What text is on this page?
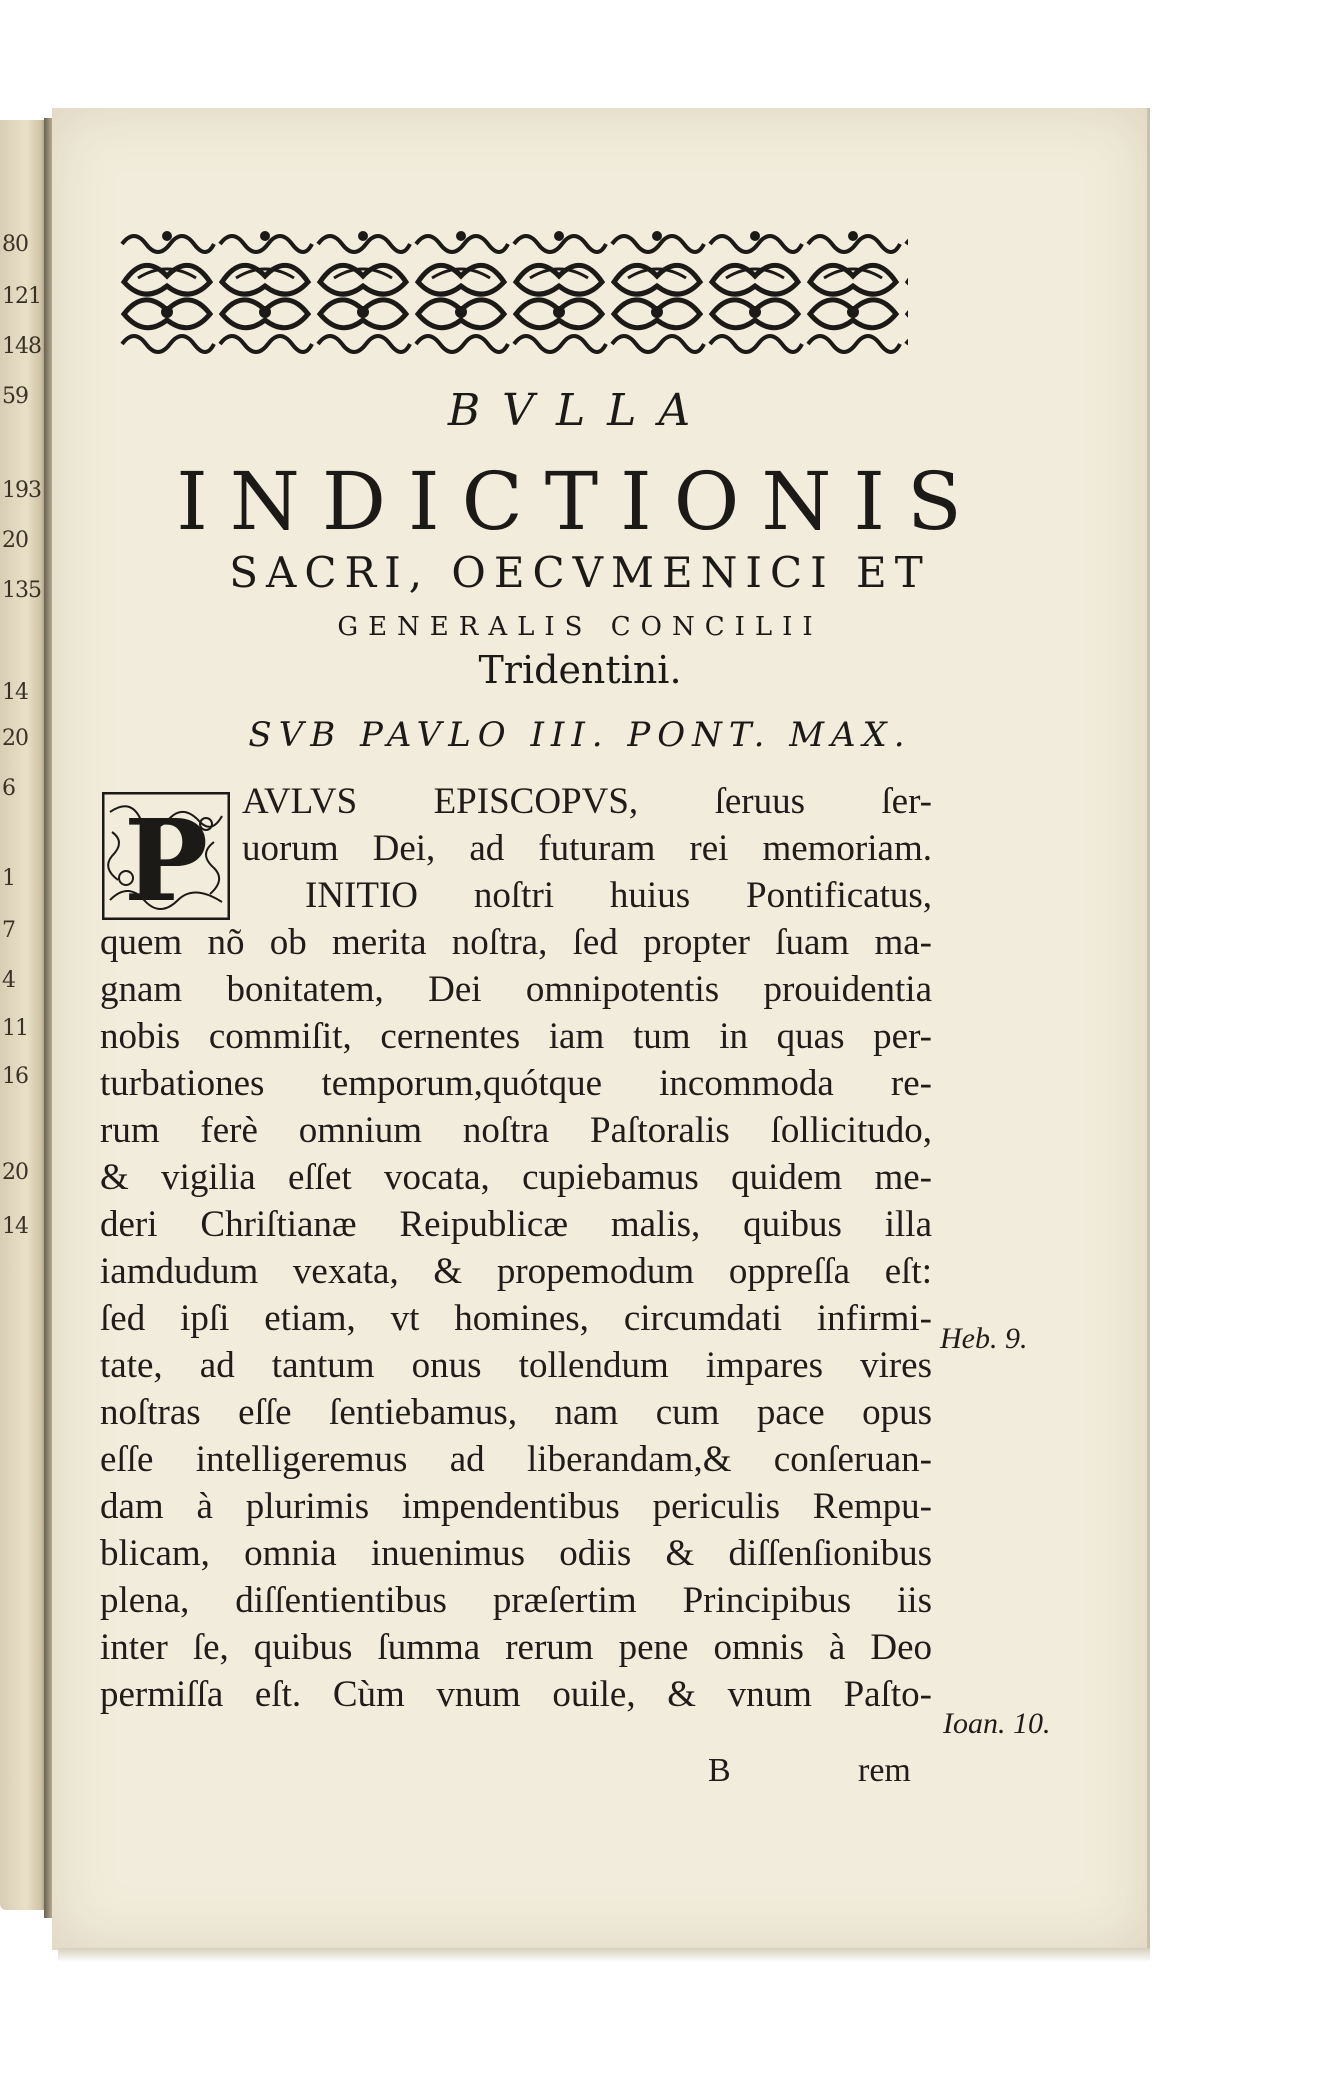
80
121
148
59
193
20
135
14
20
6
1
7
4
11
16
20
14
BVLLA
INDICTIONIS
SACRI, OECVMENICI ET
GENERALIS CONCILII
Tridentini.
SVB PAVLO III. PONT. MAX.
P AVLVS EPISCOPVS, ſeruus ſer-
uorum Dei, ad futuram rei memoriam.
INITIO noſtri huius Pontificatus,
quem nõ ob merita noſtra, ſed propter ſuam ma-
gnam bonitatem, Dei omnipotentis prouidentia
nobis commiſit, cernentes iam tum in quas per-
turbationes temporum,quótque incommoda re-
rum ferè omnium noſtra Paſtoralis ſollicitudo,
& vigilia eſſet vocata, cupiebamus quidem me-
deri Chriſtianæ Reipublicæ malis, quibus illa
iamdudum vexata, & propemodum oppreſſa eſt:
ſed ipſi etiam, vt homines, circumdati infirmi-
tate, ad tantum onus tollendum impares vires
noſtras eſſe ſentiebamus, nam cum pace opus
eſſe intelligeremus ad liberandam,& conſeruan-
dam à plurimis impendentibus periculis Rempu-
blicam, omnia inuenimus odiis & diſſenſionibus
plena, diſſentientibus præſertim Principibus iis
inter ſe, quibus ſumma rerum pene omnis à Deo
permiſſa eſt. Cùm vnum ouile, & vnum Paſto-
Heb. 9.
Ioan. 10.
B	rem
